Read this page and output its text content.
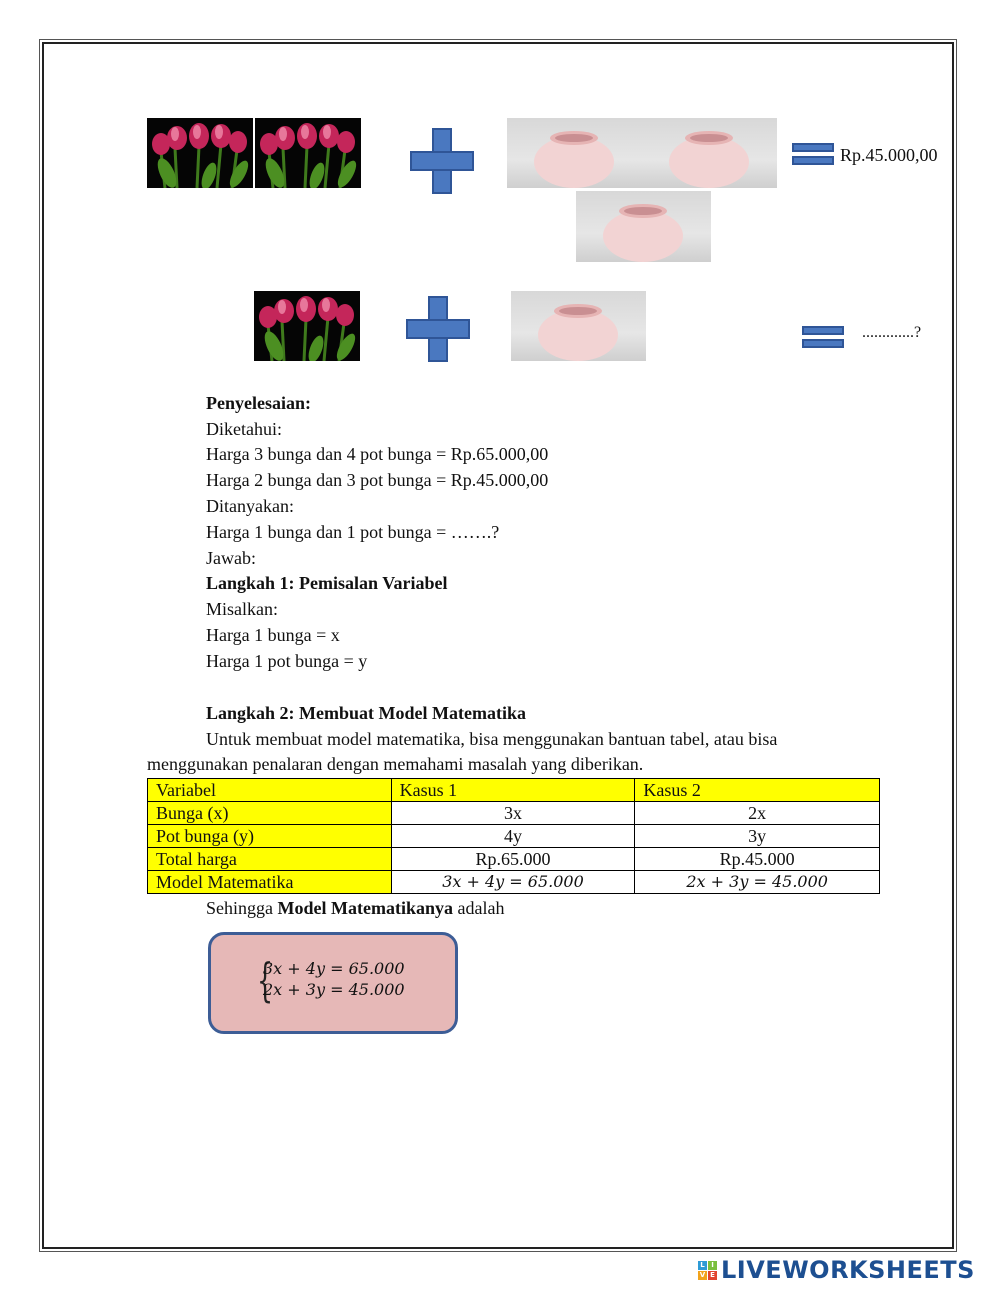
Rp.45.000,00
.............?
Penyelesaian:
Diketahui:
Harga 3 bunga dan 4 pot bunga = Rp.65.000,00
Harga 2 bunga dan 3 pot bunga = Rp.45.000,00
Ditanyakan:
Harga 1 bunga dan 1 pot bunga = …….?
Jawab:
Langkah 1: Pemisalan Variabel
Misalkan:
Harga 1 bunga = x
Harga 1 pot bunga = y
Langkah 2: Membuat Model Matematika
Untuk membuat model matematika, bisa menggunakan bantuan tabel, atau bisa
menggunakan penalaran dengan memahami masalah yang diberikan.
Variabel	Kasus 1	Kasus 2
Bunga (x)	3x	2x
Pot bunga (y)	4y	3y
Total harga	Rp.65.000	Rp.45.000
Model Matematika	3x + 4y = 65.000	2x + 3y = 45.000
Sehingga Model Matematikanya adalah
{
3x + 4y = 65.000
2x + 3y = 45.000
L I
V E LIVEWORKSHEETS
